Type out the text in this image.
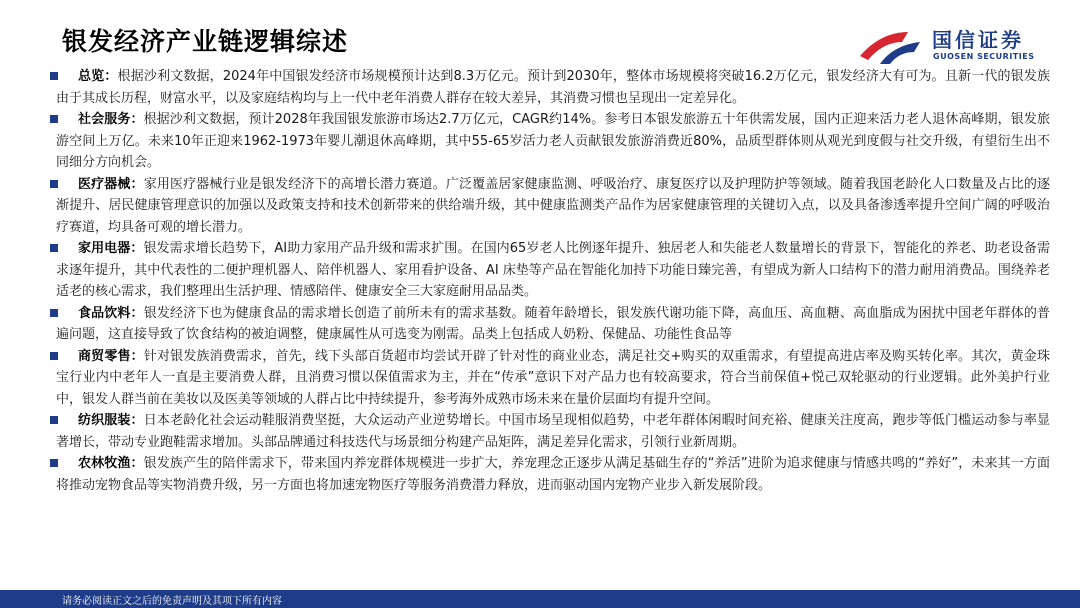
银发经济产业链逻辑综述	国信证券
GUOSEN SECURITIES

总览：根据沙利文数据，2024年中国银发经济市场规模预计达到8.3万亿元。预计到2030年，整体市场规模将突破16.2万亿元，银发经济大有可为。且新一代的银发族由于其成长历程，财富水平，以及家庭结构均与上一代中老年消费人群存在较大差异，其消费习惯也呈现出一定差异化。

社会服务：根据沙利文数据，预计2028年我国银发旅游市场达2.7万亿元，CAGR约14%。参考日本银发旅游五十年供需发展，国内正迎来活力老人退休高峰期，银发旅游空间上万亿。未来10年正迎来1962-1973年婴儿潮退休高峰期，其中55-65岁活力老人贡献银发旅游消费近80%，品质型群体则从观光到度假与社交升级，有望衍生出不同细分方向机会。

医疗器械：家用医疗器械行业是银发经济下的高增长潜力赛道。广泛覆盖居家健康监测、呼吸治疗、康复医疗以及护理防护等领域。随着我国老龄化人口数量及占比的逐渐提升、居民健康管理意识的加强以及政策支持和技术创新带来的供给端升级，其中健康监测类产品作为居家健康管理的关键切入点，以及具备渗透率提升空间广阔的呼吸治疗赛道，均具备可观的增长潜力。

家用电器：银发需求增长趋势下，AI助力家用产品升级和需求扩围。在国内65岁老人比例逐年提升、独居老人和失能老人数量增长的背景下，智能化的养老、助老设备需求逐年提升，其中代表性的二便护理机器人、陪伴机器人、家用看护设备、AI 床垫等产品在智能化加持下功能日臻完善，有望成为新人口结构下的潜力耐用消费品。围绕养老适老的核心需求，我们整理出生活护理、情感陪伴、健康安全三大家庭耐用品品类。

食品饮料：银发经济下也为健康食品的需求增长创造了前所未有的需求基数。随着年龄增长，银发族代谢功能下降，高血压、高血糖、高血脂成为困扰中国老年群体的普遍问题，这直接导致了饮食结构的被迫调整，健康属性从可选变为刚需。品类上包括成人奶粉、保健品、功能性食品等

商贸零售：针对银发族消费需求，首先，线下头部百货超市均尝试开辟了针对性的商业业态，满足社交+购买的双重需求，有望提高进店率及购买转化率。其次，黄金珠宝行业内中老年人一直是主要消费人群，且消费习惯以保值需求为主，并在“传承”意识下对产品力也有较高要求，符合当前保值+悦己双轮驱动的行业逻辑。此外美护行业中，银发人群当前在美妆以及医美等领域的人群占比中持续提升，参考海外成熟市场未来在量价层面均有提升空间。

纺织服装：日本老龄化社会运动鞋服消费坚挺，大众运动产业逆势增长。中国市场呈现相似趋势，中老年群体闲暇时间充裕、健康关注度高，跑步等低门槛运动参与率显著增长，带动专业跑鞋需求增加。头部品牌通过科技迭代与场景细分构建产品矩阵，满足差异化需求，引领行业新周期。

农林牧渔：银发族产生的陪伴需求下，带来国内养宠群体规模进一步扩大，养宠理念正逐步从满足基础生存的“养活”进阶为追求健康与情感共鸣的“养好”，未来其一方面将推动宠物食品等实物消费升级，另一方面也将加速宠物医疗等服务消费潜力释放，进而驱动国内宠物产业步入新发展阶段。

请务必阅读正文之后的免责声明及其项下所有内容
